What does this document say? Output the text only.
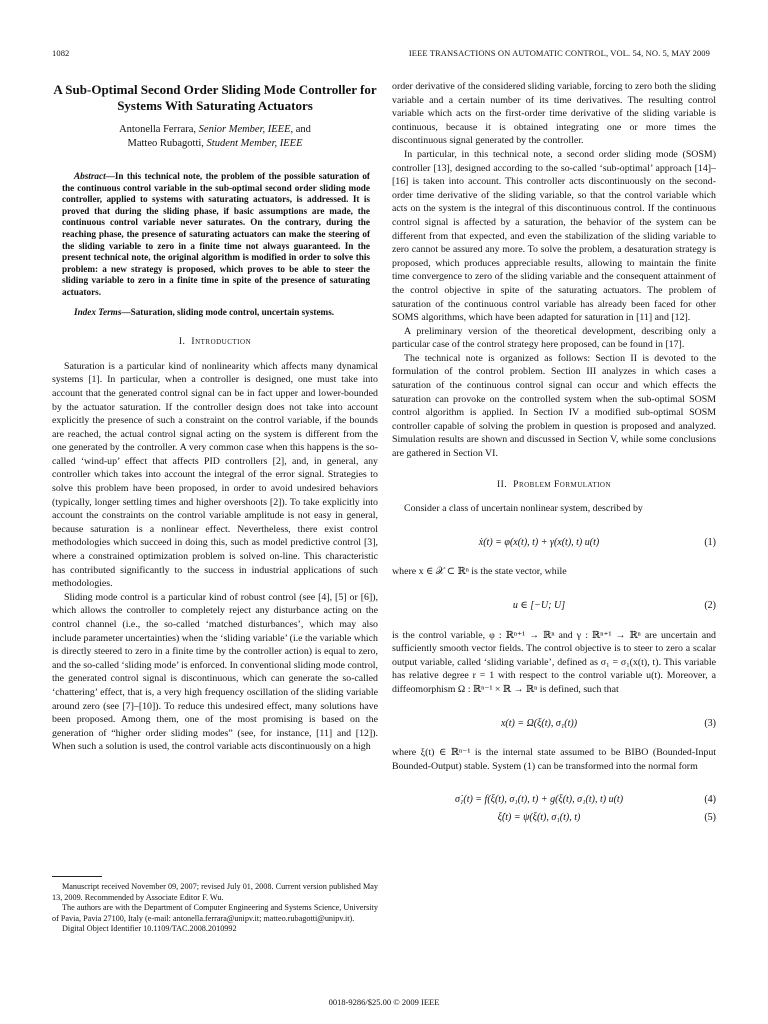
1082	IEEE TRANSACTIONS ON AUTOMATIC CONTROL, VOL. 54, NO. 5, MAY 2009
A Sub-Optimal Second Order Sliding Mode Controller for Systems With Saturating Actuators
Antonella Ferrara, Senior Member, IEEE, and
Matteo Rubagotti, Student Member, IEEE
Abstract—In this technical note, the problem of the possible saturation of the continuous control variable in the sub-optimal second order sliding mode controller, applied to systems with saturating actuators, is addressed. It is proved that during the sliding phase, if basic assumptions are made, the continuous control variable never saturates. On the contrary, during the reaching phase, the presence of saturating actuators can make the steering of the sliding variable to zero in a finite time not always guaranteed. In the present technical note, the original algorithm is modified in order to solve this problem: a new strategy is proposed, which proves to be able to steer the sliding variable to zero in a finite time in spite of the presence of saturating actuators.
Index Terms—Saturation, sliding mode control, uncertain systems.
I. Introduction

Saturation is a particular kind of nonlinearity which affects many dynamical systems [1]. In particular, when a controller is designed, one must take into account that the generated control signal can be in fact upper and lower-bounded by the actuator saturation. If the controller design does not take into account explicitly the presence of such a constraint on the control variable, if the bounds are reached, the actual control signal acting on the system is different from the one generated by the controller. A very common case when this happens is the so-called ‘wind-up’ effect that affects PID controllers [2], and, in general, any controller which takes into account the integral of the error signal. Strategies to solve this problem have been proposed, in order to avoid undesired behaviors (typically, longer settling times and higher overshoots [2]). To take explicitly into account the constraints on the control variable amplitude is not easy in general, because saturation is a nonlinear effect. Nevertheless, there exist control methodologies which succeed in doing this, such as model predictive control [3], where a constrained optimization problem is solved on-line. This characteristic has contributed significantly to the success in industrial applications of such methodologies.

Sliding mode control is a particular kind of robust control (see [4], [5] or [6]), which allows the controller to completely reject any disturbance acting on the control channel (i.e., the so-called ‘matched disturbances’, which may also include parameter uncertainties) when the ‘sliding variable’ (i.e the variable which is directly steered to zero in a finite time by the controller action) is equal to zero, and the so-called ‘sliding mode’ is enforced. In conventional sliding mode control, the generated control signal is discontinuous, which can generate the so-called ‘chattering’ effect, that is, a very high frequency oscillation of the sliding variable around zero (see [7]–[10]). To reduce this undesired effect, many solutions have been proposed. Among them, one of the most promising is based on the generation of “higher order sliding modes” (see, for instance, [11] and [12]). When such a solution is used, the control variable acts discontinuously on a high

Manuscript received November 09, 2007; revised July 01, 2008. Current version published May 13, 2009. Recommended by Associate Editor F. Wu.

The authors are with the Department of Computer Engineering and Systems Science, University of Pavia, Pavia 27100, Italy (e-mail: antonella.ferrara@unipv.it; matteo.rubagotti@unipv.it).

Digital Object Identifier 10.1109/TAC.2008.2010992

order derivative of the considered sliding variable, forcing to zero both the sliding variable and a certain number of its time derivatives. The resulting control variable which acts on the first-order time derivative of the sliding variable is continuous, because it is obtained integrating one or more times the discontinuous signal generated by the controller.

In particular, in this technical note, a second order sliding mode (SOSM) controller [13], designed according to the so-called ‘sub-optimal’ approach [14]–[16] is taken into account. This controller acts discontinuously on the second-order time derivative of the sliding variable, so that the control variable which acts on the system is the integral of this discontinuous control. If the continuous control signal is affected by a saturation, the behavior of the system can be different from that expected, and even the stabilization of the sliding variable to zero cannot be assured any more. To solve the problem, a desaturation strategy is proposed, which produces appreciable results, allowing to maintain the finite time convergence to zero of the sliding variable and the consequent attainment of the control objective in spite of the saturating actuators. The problem of saturation of the continuous control variable has already been faced for other SOMS algorithms, which have been adapted for saturation in [11] and [12].

A preliminary version of the theoretical development, describing only a particular case of the control strategy here proposed, can be found in [17].

The technical note is organized as follows: Section II is devoted to the formulation of the control problem. Section III analyzes in which cases a saturation of the continuous control signal can occur and which effects the saturation can provoke on the controlled system when the sub-optimal SOSM control algorithm is applied. In Section IV a modified sub-optimal SOSM controller capable of solving the problem in question is proposed and analyzed. Simulation results are shown and discussed in Section V, while some conclusions are gathered in Section VI.

II. Problem Formulation

Consider a class of uncertain nonlinear system, described by

ẋ(t) = φ(x(t), t) + γ(x(t), t) u(t)	(1)

where x ∈ 𝒳 ⊂ ℝⁿ is the state vector, while

u ∈ [−U; U]	(2)

is the control variable, φ : ℝⁿ⁺¹ → ℝⁿ and γ : ℝⁿ⁺¹ → ℝⁿ are uncertain and sufficiently smooth vector fields. The control objective is to steer to zero a scalar output variable, called ‘sliding variable’, defined as σ₁ = σ₁(x(t), t). This variable has relative degree r = 1 with respect to the control variable u(t). Moreover, a diffeomorphism Ω : ℝⁿ⁻¹ × ℝ → ℝⁿ is defined, such that

x(t) = Ω(ξ(t), σ₁(t))	(3)

where ξ(t) ∈ ℝⁿ⁻¹ is the internal state assumed to be BIBO (Bounded-Input Bounded-Output) stable. System (1) can be transformed into the normal form

σ̇₁(t) = f(ξ(t), σ₁(t), t) + g(ξ(t), σ₁(t), t) u(t)	(4)
ξ̇(t) = ψ(ξ(t), σ₁(t), t)	(5)
0018-9286/$25.00 © 2009 IEEE
